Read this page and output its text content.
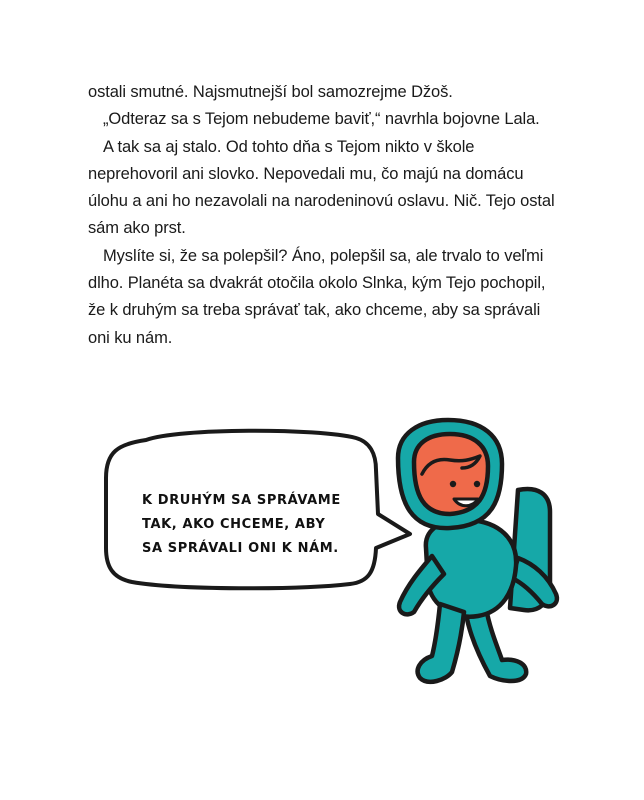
ostali smutné. Najsmutnejší bol samozrejme Džoš.

„Odteraz sa s Tejom nebudeme baviť,“ navrhla bojovne Lala.

A tak sa aj stalo. Od tohto dňa s Tejom nikto v škole neprehovoril ani slovko. Nepovedali mu, čo majú na domácu úlohu a ani ho nezavolali na narodeninovú oslavu. Nič. Tejo ostal sám ako prst.

Myslíte si, že sa polepšil? Áno, polepšil sa, ale trvalo to veľmi dlho. Planéta sa dvakrát otočila okolo Slnka, kým Tejo pochopil, že k druhým sa treba správať tak, ako chceme, aby sa správali oni ku nám.

K DRUHÝM SA SPRÁVAME
TAK, AKO CHCEME, ABY
SA SPRÁVALI ONI K NÁM.
